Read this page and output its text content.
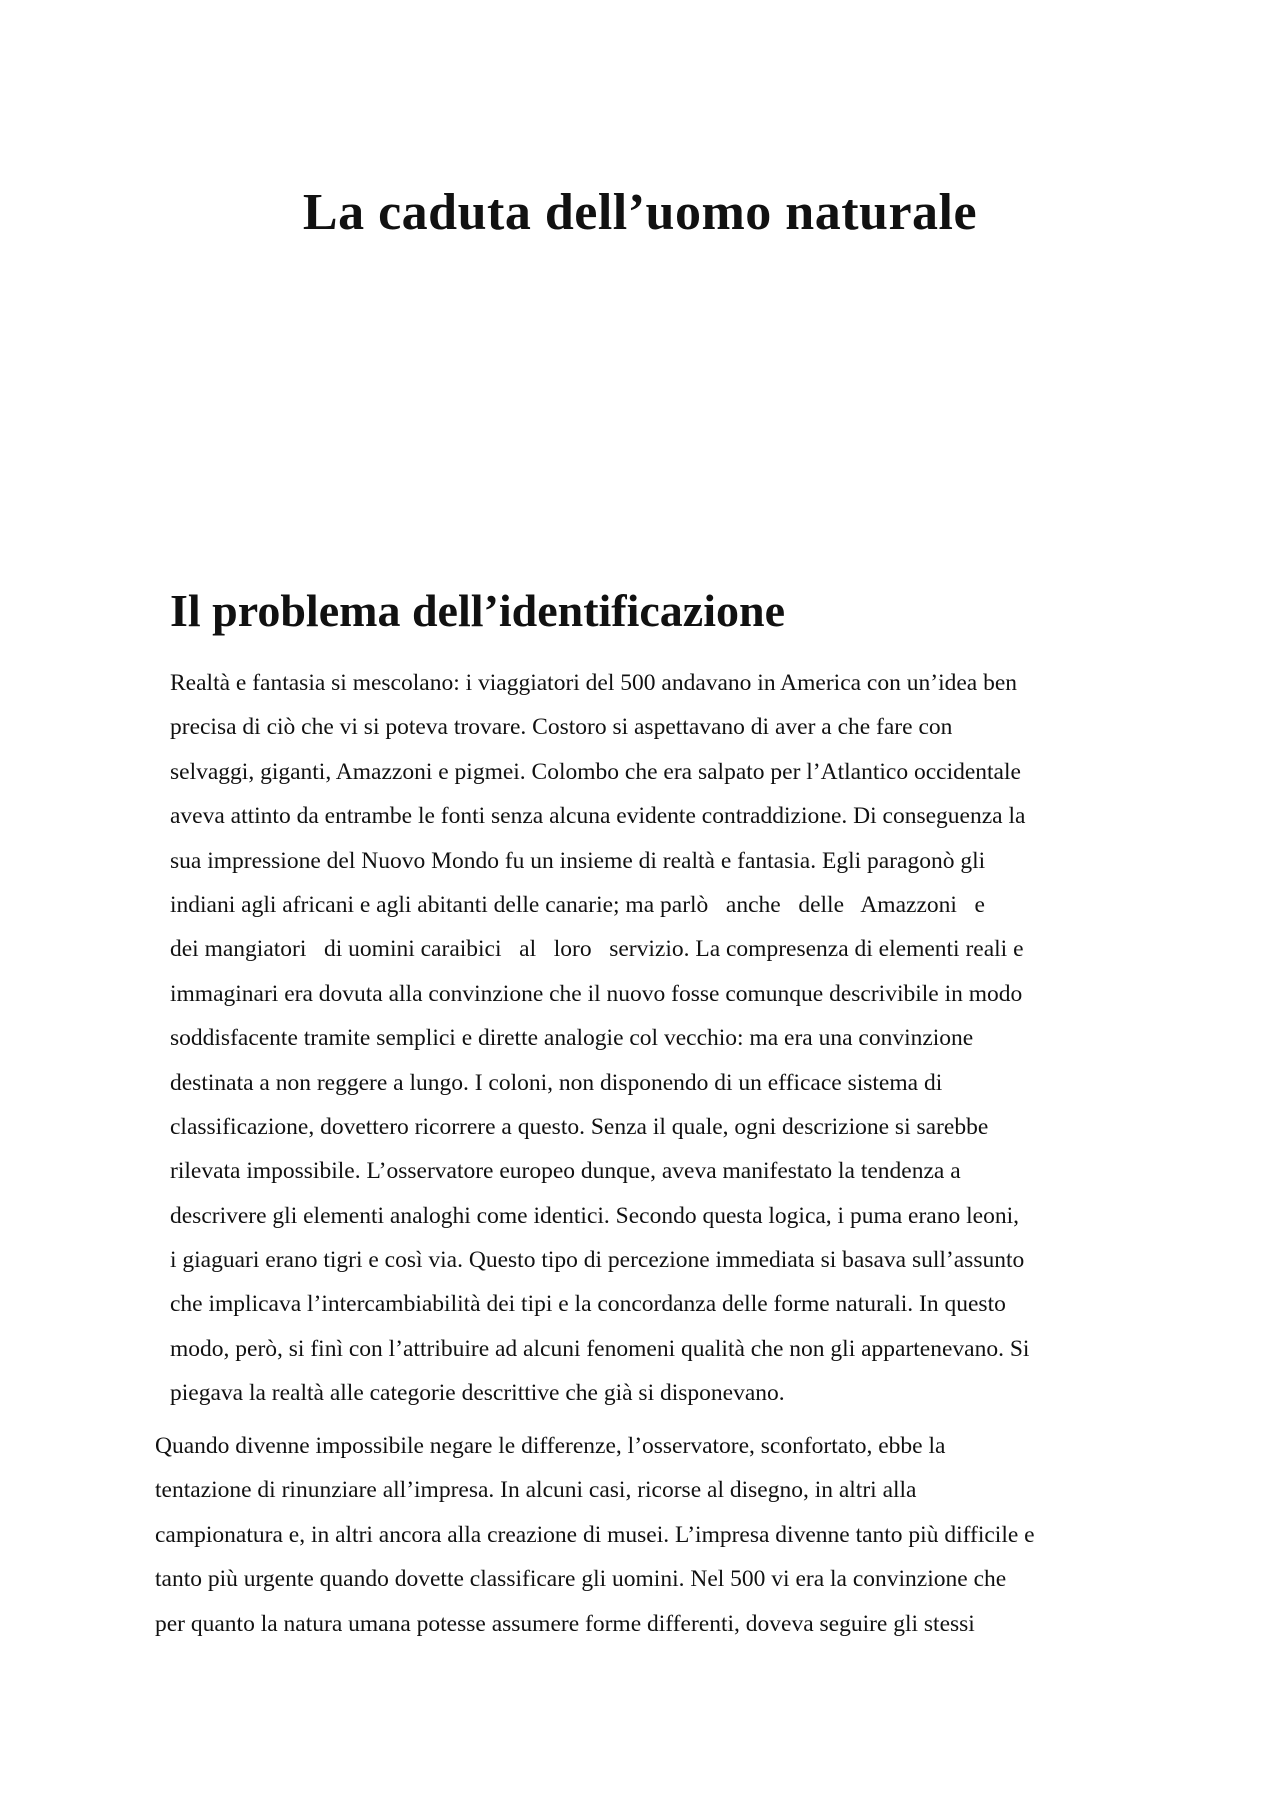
La caduta dell’uomo naturale
Il problema dell’identificazione
Realtà e fantasia si mescolano: i viaggiatori del 500 andavano in America con un’idea ben
precisa di ciò che vi si poteva trovare. Costoro si aspettavano di aver a che fare con
selvaggi, giganti, Amazzoni e pigmei. Colombo che era salpato per l’Atlantico occidentale
aveva attinto da entrambe le fonti senza alcuna evidente contraddizione. Di conseguenza la
sua impressione del Nuovo Mondo fu un insieme di realtà e fantasia. Egli paragonò gli
indiani agli africani e agli abitanti delle canarie; ma parlò   anche   delle   Amazzoni   e
dei mangiatori   di uomini caraibici   al   loro   servizio. La compresenza di elementi reali e
immaginari era dovuta alla convinzione che il nuovo fosse comunque descrivibile in modo
soddisfacente tramite semplici e dirette analogie col vecchio: ma era una convinzione
destinata a non reggere a lungo. I coloni, non disponendo di un efficace sistema di
classificazione, dovettero ricorrere a questo. Senza il quale, ogni descrizione si sarebbe
rilevata impossibile. L’osservatore europeo dunque, aveva manifestato la tendenza a
descrivere gli elementi analoghi come identici. Secondo questa logica, i puma erano leoni,
i giaguari erano tigri e così via. Questo tipo di percezione immediata si basava sull’assunto
che implicava l’intercambiabilità dei tipi e la concordanza delle forme naturali. In questo
modo, però, si finì con l’attribuire ad alcuni fenomeni qualità che non gli appartenevano. Si
piegava la realtà alle categorie descrittive che già si disponevano.
Quando divenne impossibile negare le differenze, l’osservatore, sconfortato, ebbe la
tentazione di rinunziare all’impresa. In alcuni casi, ricorse al disegno, in altri alla
campionatura e, in altri ancora alla creazione di musei. L’impresa divenne tanto più difficile e
tanto più urgente quando dovette classificare gli uomini. Nel 500 vi era la convinzione che
per quanto la natura umana potesse assumere forme differenti, doveva seguire gli stessi
